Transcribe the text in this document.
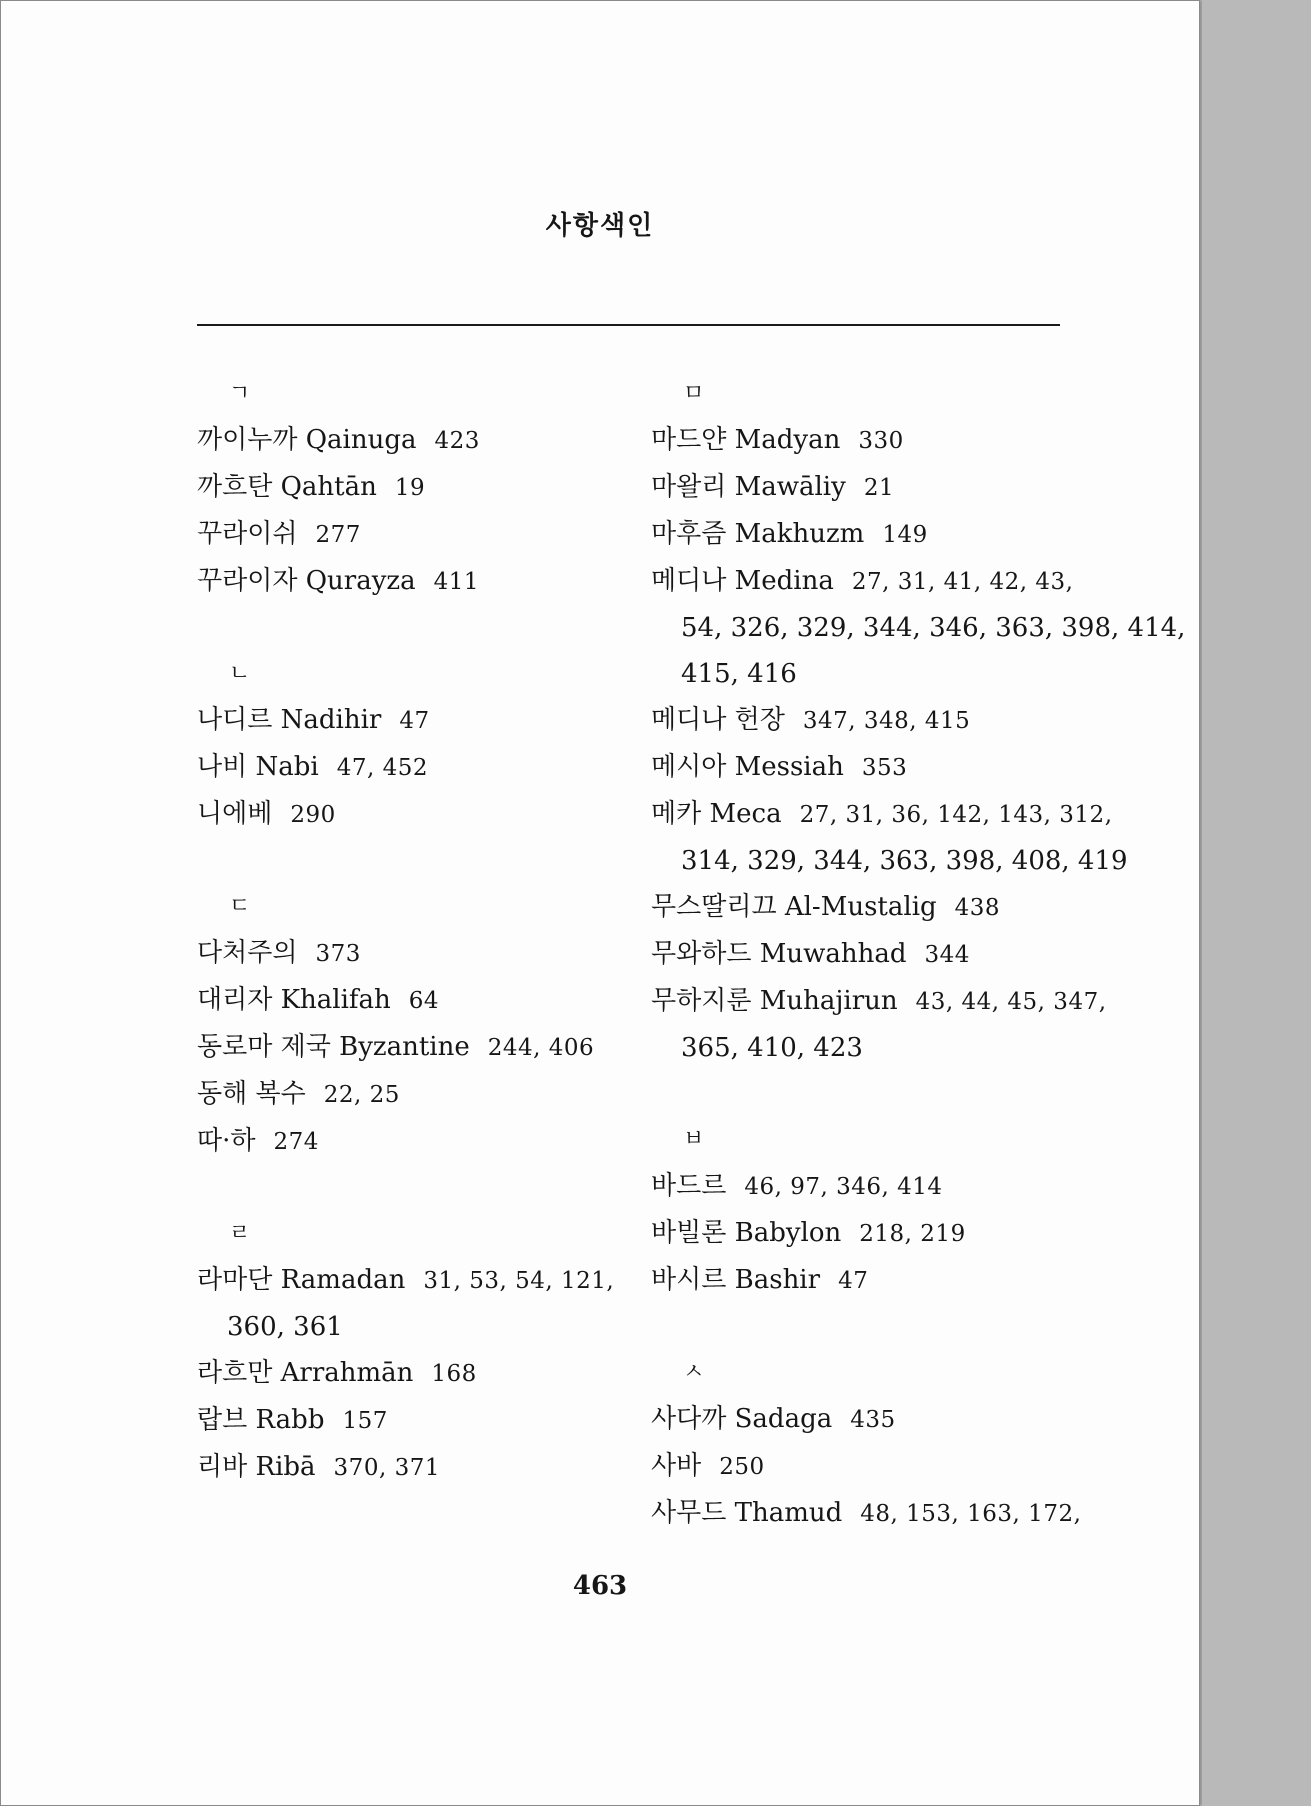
사항색인
ㄱ
까이누까 Qainuga 423
까흐탄 Qahtān 19
꾸라이쉬 277
꾸라이자 Qurayza 411
ㄴ
나디르 Nadihir 47
나비 Nabi 47, 452
니에베 290
ㄷ
다처주의 373
대리자 Khalifah 64
동로마 제국 Byzantine 244, 406
동해 복수 22, 25
따·하 274
ㄹ
라마단 Ramadan 31, 53, 54, 121,
360, 361
라흐만 Arrahmān 168
랍브 Rabb 157
리바 Ribā 370, 371
ㅁ
마드얀 Madyan 330
마왈리 Mawāliy 21
마후즘 Makhuzm 149
메디나 Medina 27, 31, 41, 42, 43,
54, 326, 329, 344, 346, 363, 398, 414,
415, 416
메디나 헌장 347, 348, 415
메시아 Messiah 353
메카 Meca 27, 31, 36, 142, 143, 312,
314, 329, 344, 363, 398, 408, 419
무스딸리끄 Al-Mustalig 438
무와하드 Muwahhad 344
무하지룬 Muhajirun 43, 44, 45, 347,
365, 410, 423
ㅂ
바드르 46, 97, 346, 414
바빌론 Babylon 218, 219
바시르 Bashir 47
ㅅ
사다까 Sadaga 435
사바 250
사무드 Thamud 48, 153, 163, 172,
463
